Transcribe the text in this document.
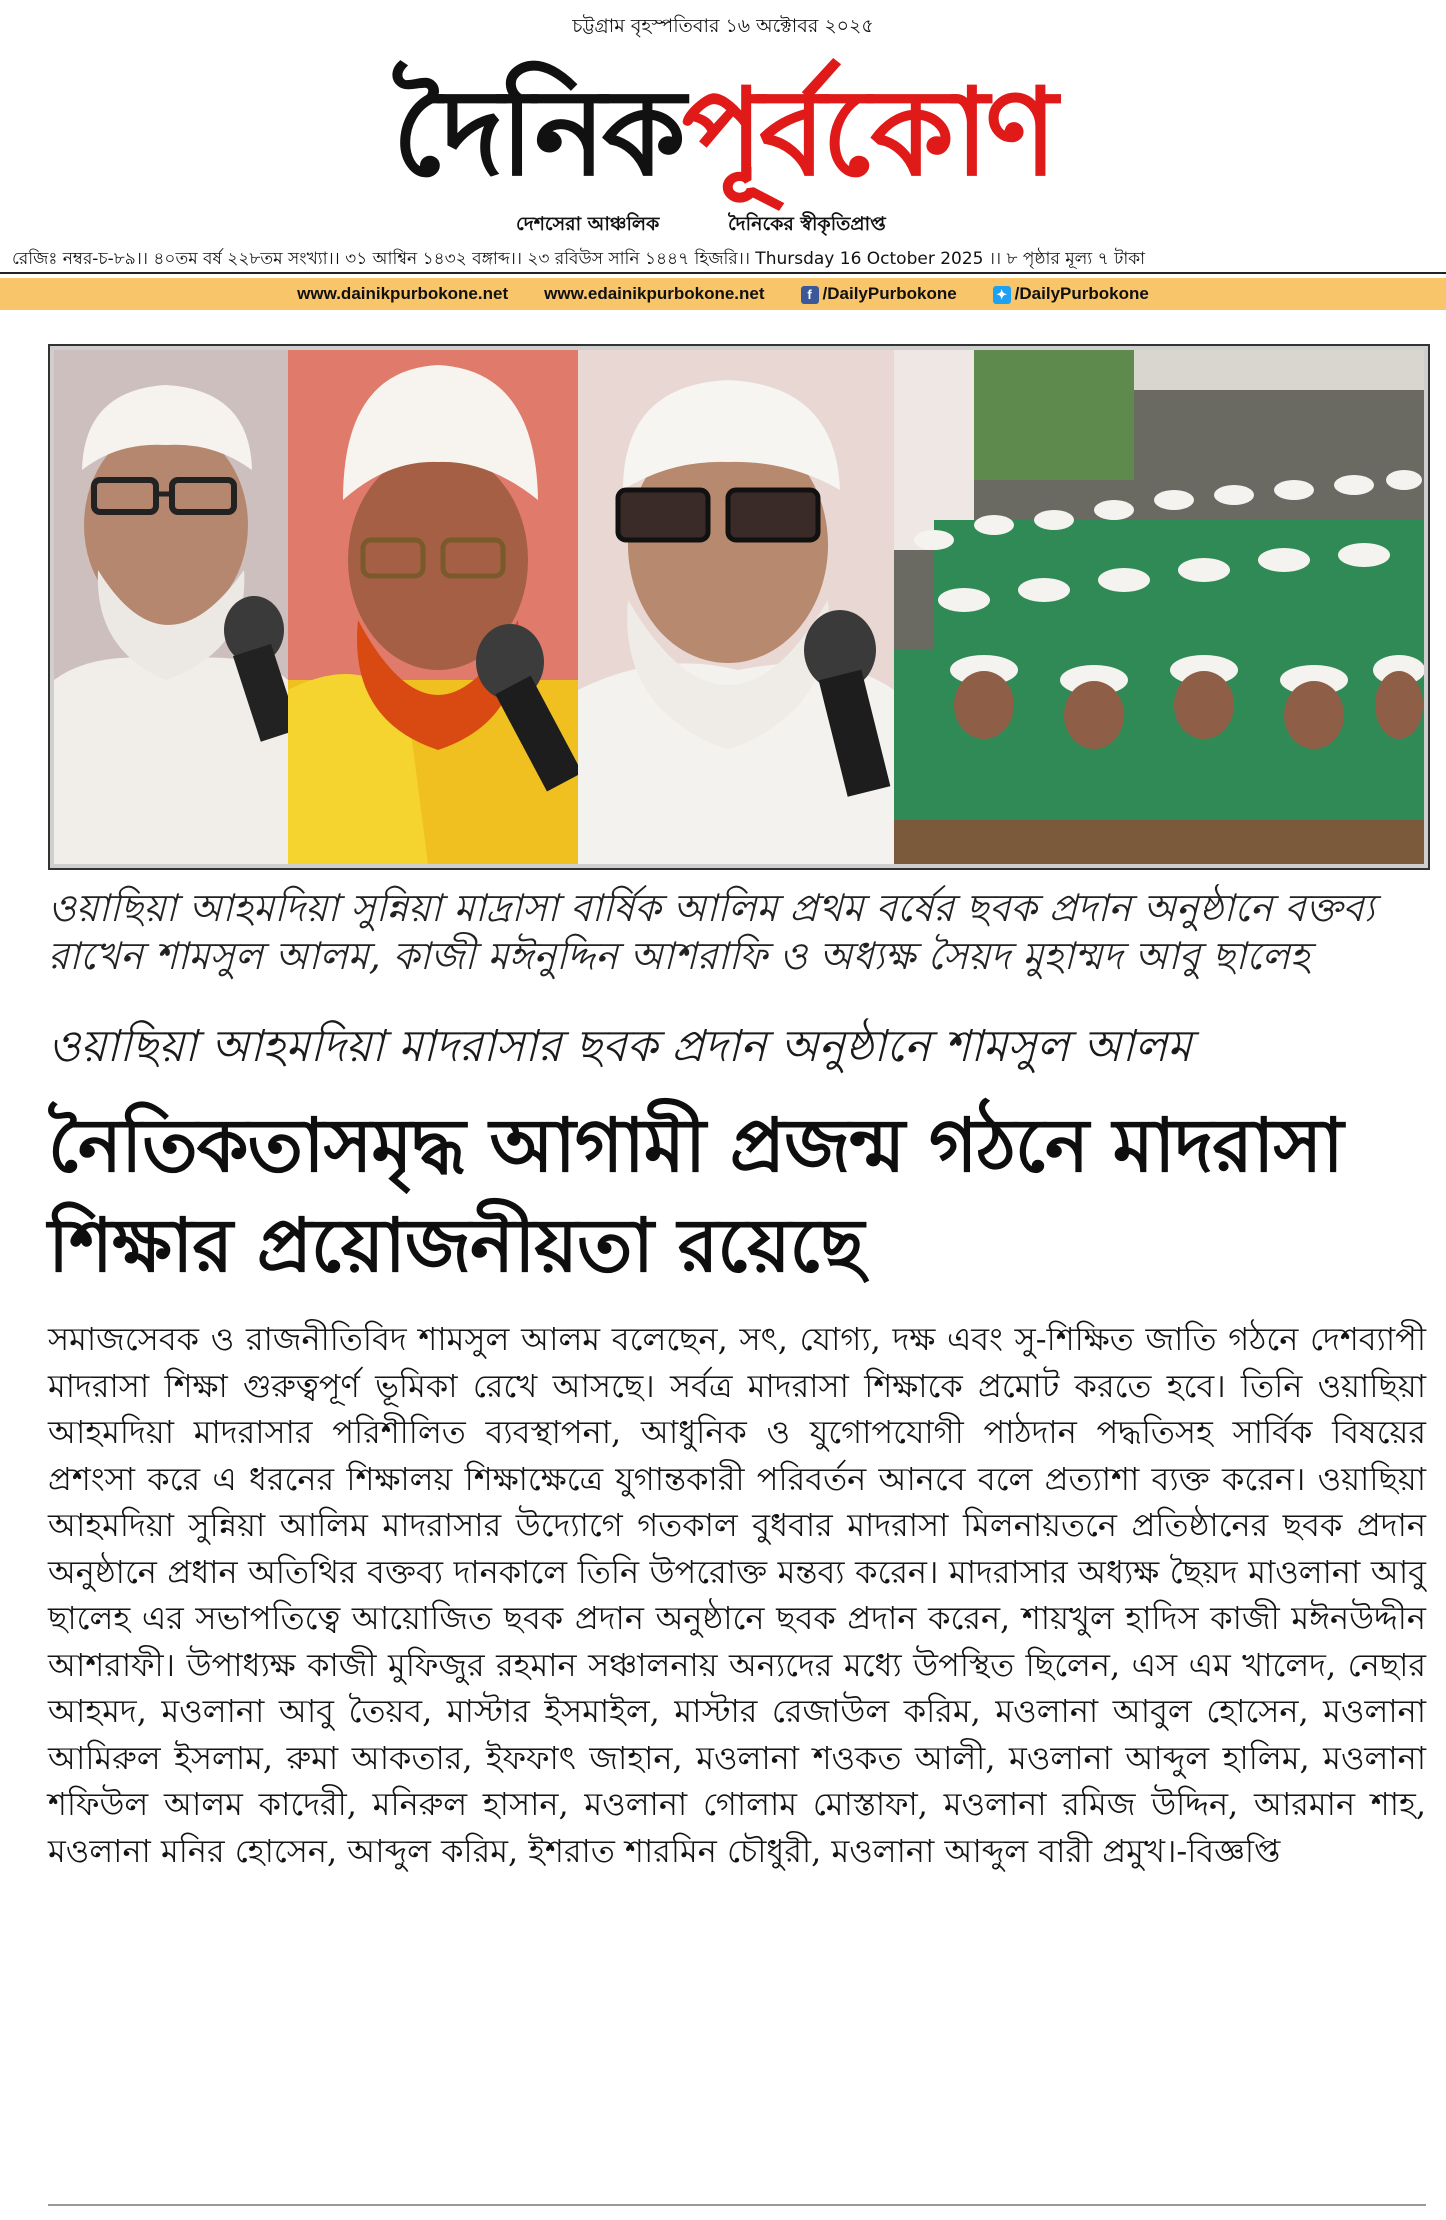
চট্টগ্রাম বৃহস্পতিবার ১৬ অক্টোবর ২০২৫
দৈনিকপূর্বকোণ
দেশসেরা আঞ্চলিক	দৈনিকের স্বীকৃতিপ্রাপ্ত
রেজিঃ নম্বর-চ-৮৯।। ৪০তম বর্ষ ২২৮তম সংখ্যা।। ৩১ আশ্বিন ১৪৩২ বঙ্গাব্দ।। ২৩ রবিউস সানি ১৪৪৭ হিজরি।। Thursday 16 October 2025 ।। ৮ পৃষ্ঠার মূল্য ৭ টাকা
www.dainikpurbokone.net www.edainikpurbokone.net	f /DailyPurbokone	✦ /DailyPurbokone
ওয়াছিয়া আহমদিয়া সুন্নিয়া মাদ্রাসা বার্ষিক আলিম প্রথম বর্ষের ছবক প্রদান অনুষ্ঠানে বক্তব্য রাখেন শামসুল আলম, কাজী মঈনুদ্দিন আশরাফি ও অধ্যক্ষ সৈয়দ মুহাম্মদ আবু ছালেহ
ওয়াছিয়া আহমদিয়া মাদরাসার ছবক প্রদান অনুষ্ঠানে শামসুল আলম
নৈতিকতাসমৃদ্ধ আগামী প্রজন্ম গঠনে মাদরাসা শিক্ষার প্রয়োজনীয়তা রয়েছে
সমাজসেবক ও রাজনীতিবিদ শামসুল আলম বলেছেন, সৎ, যোগ্য, দক্ষ এবং সু-শিক্ষিত জাতি গঠনে দেশব্যাপী মাদরাসা শিক্ষা গুরুত্বপূর্ণ ভূমিকা রেখে আসছে। সর্বত্র মাদরাসা শিক্ষাকে প্রমোট করতে হবে। তিনি ওয়াছিয়া আহমদিয়া মাদরাসার পরিশীলিত ব্যবস্থাপনা, আধুনিক ও যুগোপযোগী পাঠদান পদ্ধতিসহ সার্বিক বিষয়ের প্রশংসা করে এ ধরনের শিক্ষালয় শিক্ষাক্ষেত্রে যুগান্তকারী পরিবর্তন আনবে বলে প্রত্যাশা ব্যক্ত করেন। ওয়াছিয়া আহমদিয়া সুন্নিয়া আলিম মাদরাসার উদ্যোগে গতকাল বুধবার মাদরাসা মিলনায়তনে প্রতিষ্ঠানের ছবক প্রদান অনুষ্ঠানে প্রধান অতিথির বক্তব্য দানকালে তিনি উপরোক্ত মন্তব্য করেন। মাদরাসার অধ্যক্ষ ছৈয়দ মাওলানা আবু ছালেহ এর সভাপতিত্বে আয়োজিত ছবক প্রদান অনুষ্ঠানে ছবক প্রদান করেন, শায়খুল হাদিস কাজী মঈনউদ্দীন আশরাফী। উপাধ্যক্ষ কাজী মুফিজুর রহমান সঞ্চালনায় অন্যদের মধ্যে উপস্থিত ছিলেন, এস এম খালেদ, নেছার আহমদ, মওলানা আবু তৈয়ব, মাস্টার ইসমাইল, মাস্টার রেজাউল করিম, মওলানা আবুল হোসেন, মওলানা আমিরুল ইসলাম, রুমা আকতার, ইফফাৎ জাহান, মওলানা শওকত আলী, মওলানা আব্দুল হালিম, মওলানা শফিউল আলম কাদেরী, মনিরুল হাসান, মওলানা গোলাম মোস্তাফা, মওলানা রমিজ উদ্দিন, আরমান শাহ, মওলানা মনির হোসেন, আব্দুল করিম, ইশরাত শারমিন চৌধুরী, মওলানা আব্দুল বারী প্রমুখ।-বিজ্ঞপ্তি
